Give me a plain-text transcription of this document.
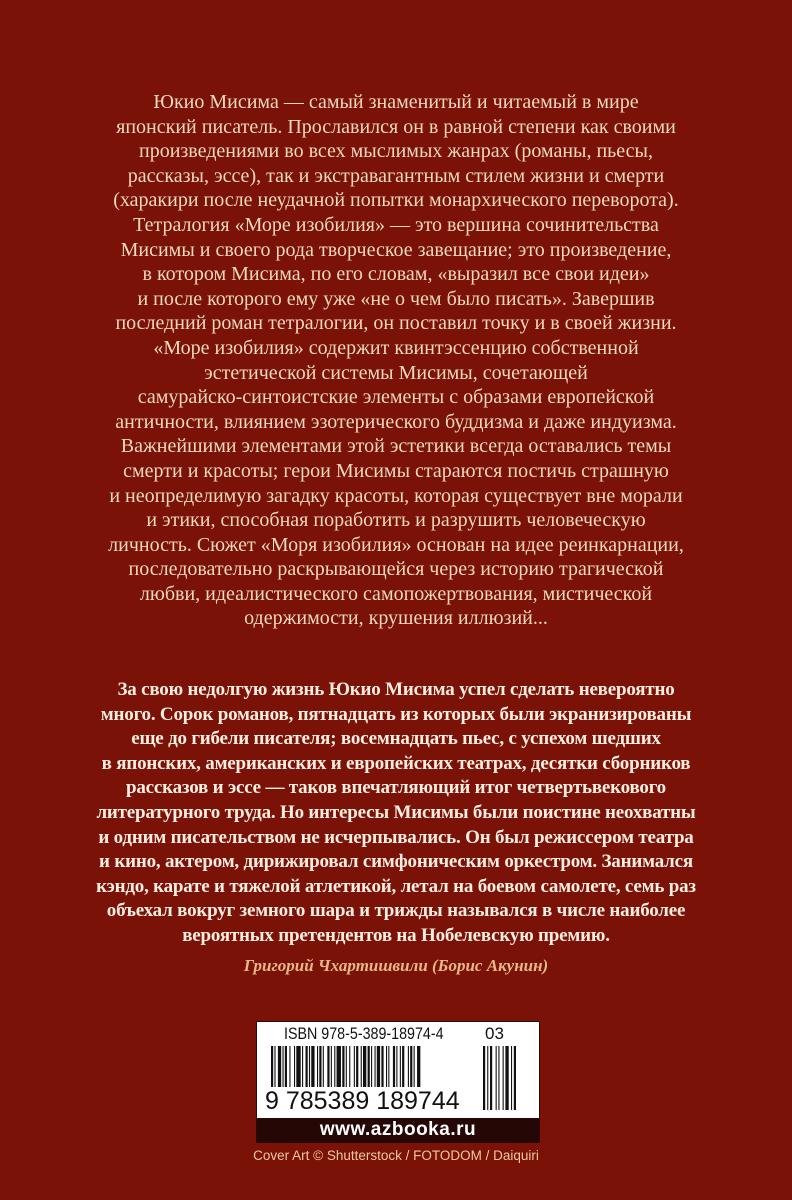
Юкио Мисима — самый знаменитый и читаемый в мире
японский писатель. Прославился он в равной степени как своими
произведениями во всех мыслимых жанрах (романы, пьесы,
рассказы, эссе), так и экстравагантным стилем жизни и смерти
(харакири после неудачной попытки монархического переворота).
Тетралогия «Море изобилия» — это вершина сочинительства
Мисимы и своего рода творческое завещание; это произведение,
в котором Мисима, по его словам, «выразил все свои идеи»
и после которого ему уже «не о чем было писать». Завершив
последний роман тетралогии, он поставил точку и в своей жизни.
«Море изобилия» содержит квинтэссенцию собственной
эстетической системы Мисимы, сочетающей
самурайско-синтоистские элементы с образами европейской
античности, влиянием эзотерического буддизма и даже индуизма.
Важнейшими элементами этой эстетики всегда оставались темы
смерти и красоты; герои Мисимы стараются постичь страшную
и неопределимую загадку красоты, которая существует вне морали
и этики, способная поработить и разрушить человеческую
личность. Сюжет «Моря изобилия» основан на идее реинкарнации,
последовательно раскрывающейся через историю трагической
любви, идеалистического самопожертвования, мистической
одержимости, крушения иллюзий...
За свою недолгую жизнь Юкио Мисима успел сделать невероятно
много. Сорок романов, пятнадцать из которых были экранизированы
еще до гибели писателя; восемнадцать пьес, с успехом шедших
в японских, американских и европейских театрах, десятки сборников
рассказов и эссе — таков впечатляющий итог четвертьвекового
литературного труда. Но интересы Мисимы были поистине неохватны
и одним писательством не исчерпывались. Он был режиссером театра
и кино, актером, дирижировал симфоническим оркестром. Занимался
кэндо, карате и тяжелой атлетикой, летал на боевом самолете, семь раз
объехал вокруг земного шара и трижды назывался в числе наиболее
вероятных претендентов на Нобелевскую премию.
Григорий Чхартишвили (Борис Акунин)
ISBN 978-5-389-18974-4 03
9 785389 189744
www.azbooka.ru
Cover Art © Shutterstock / FOTODOM / Daiquiri
